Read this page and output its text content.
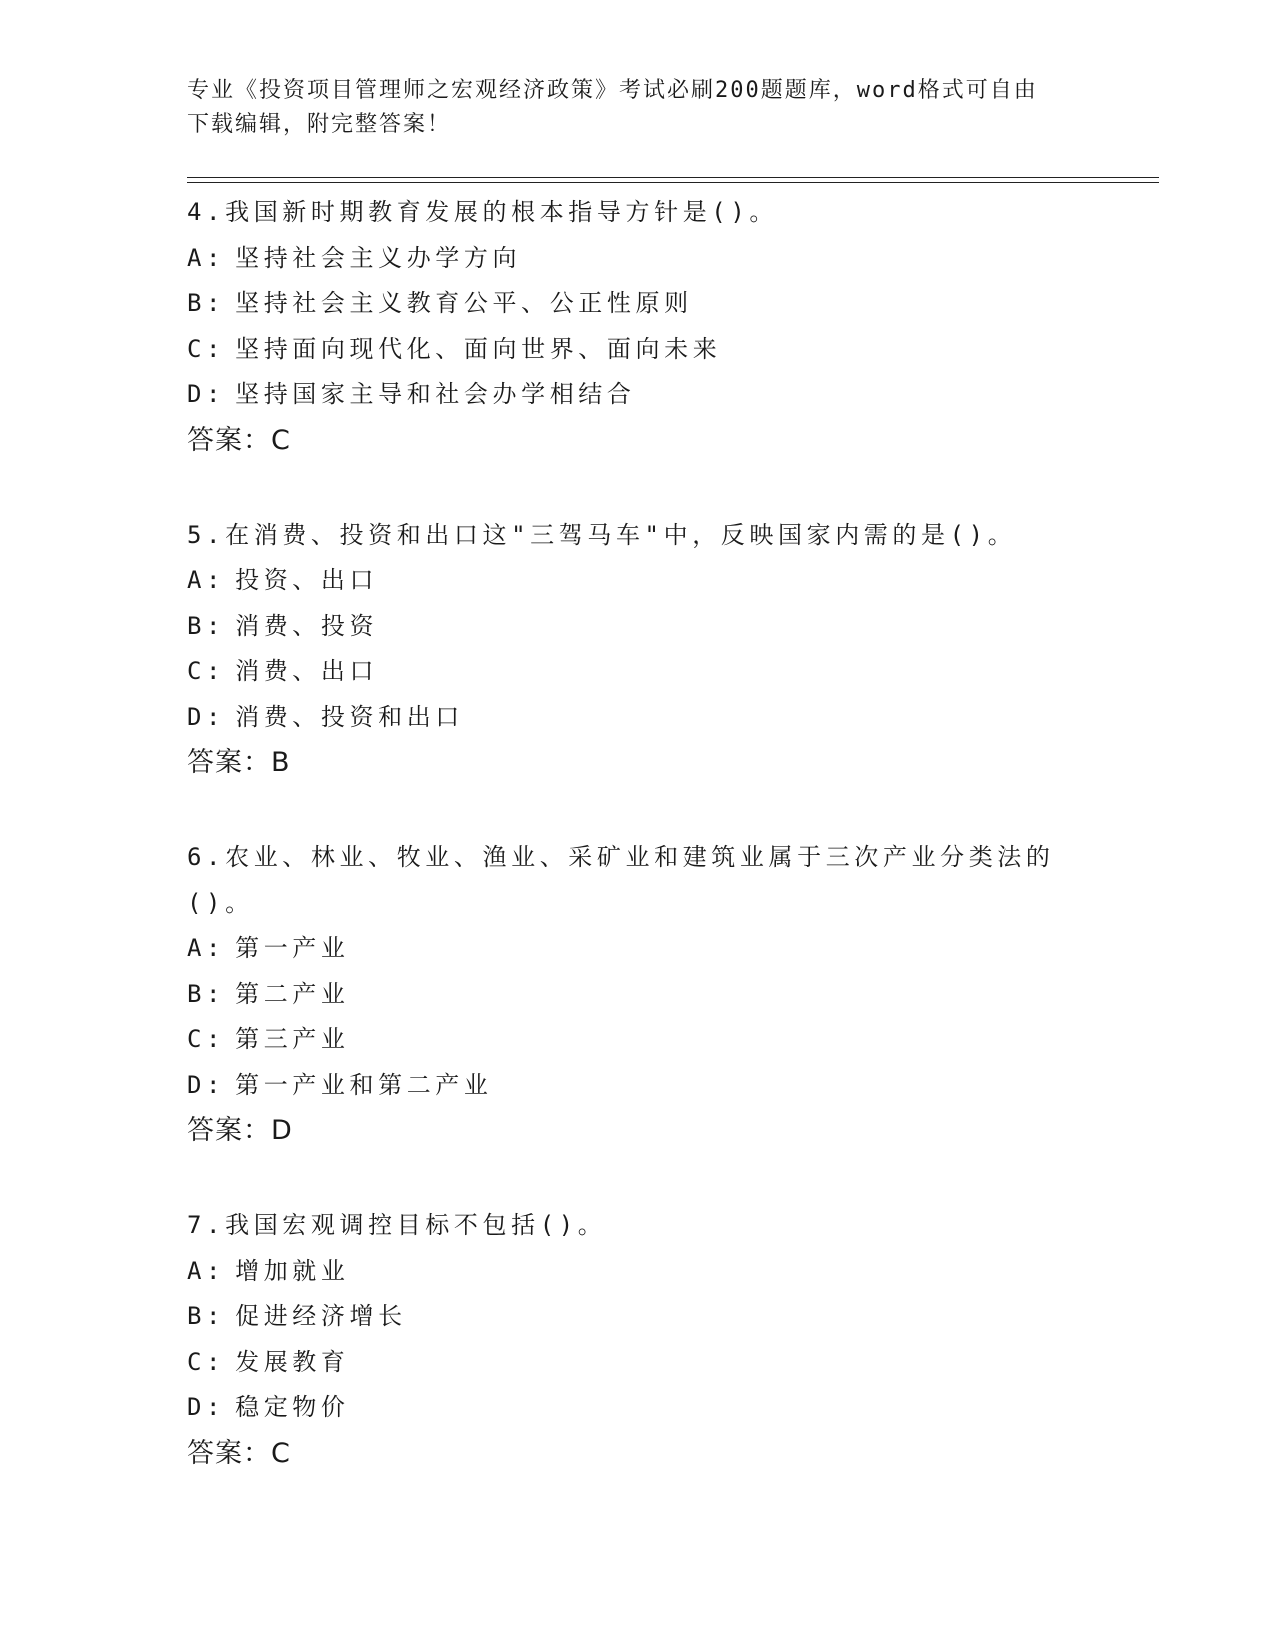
专业《投资项目管理师之宏观经济政策》考试必刷200题题库，word格式可自由
下载编辑，附完整答案！
4.我国新时期教育发展的根本指导方针是()。
A: 坚持社会主义办学方向
B: 坚持社会主义教育公平、公正性原则
C: 坚持面向现代化、面向世界、面向未来
D: 坚持国家主导和社会办学相结合
答案：C
5.在消费、投资和出口这"三驾马车"中，反映国家内需的是()。
A: 投资、出口
B: 消费、投资
C: 消费、出口
D: 消费、投资和出口
答案：B
6.农业、林业、牧业、渔业、采矿业和建筑业属于三次产业分类法的
()。
A: 第一产业
B: 第二产业
C: 第三产业
D: 第一产业和第二产业
答案：D
7.我国宏观调控目标不包括()。
A: 增加就业
B: 促进经济增长
C: 发展教育
D: 稳定物价
答案：C
